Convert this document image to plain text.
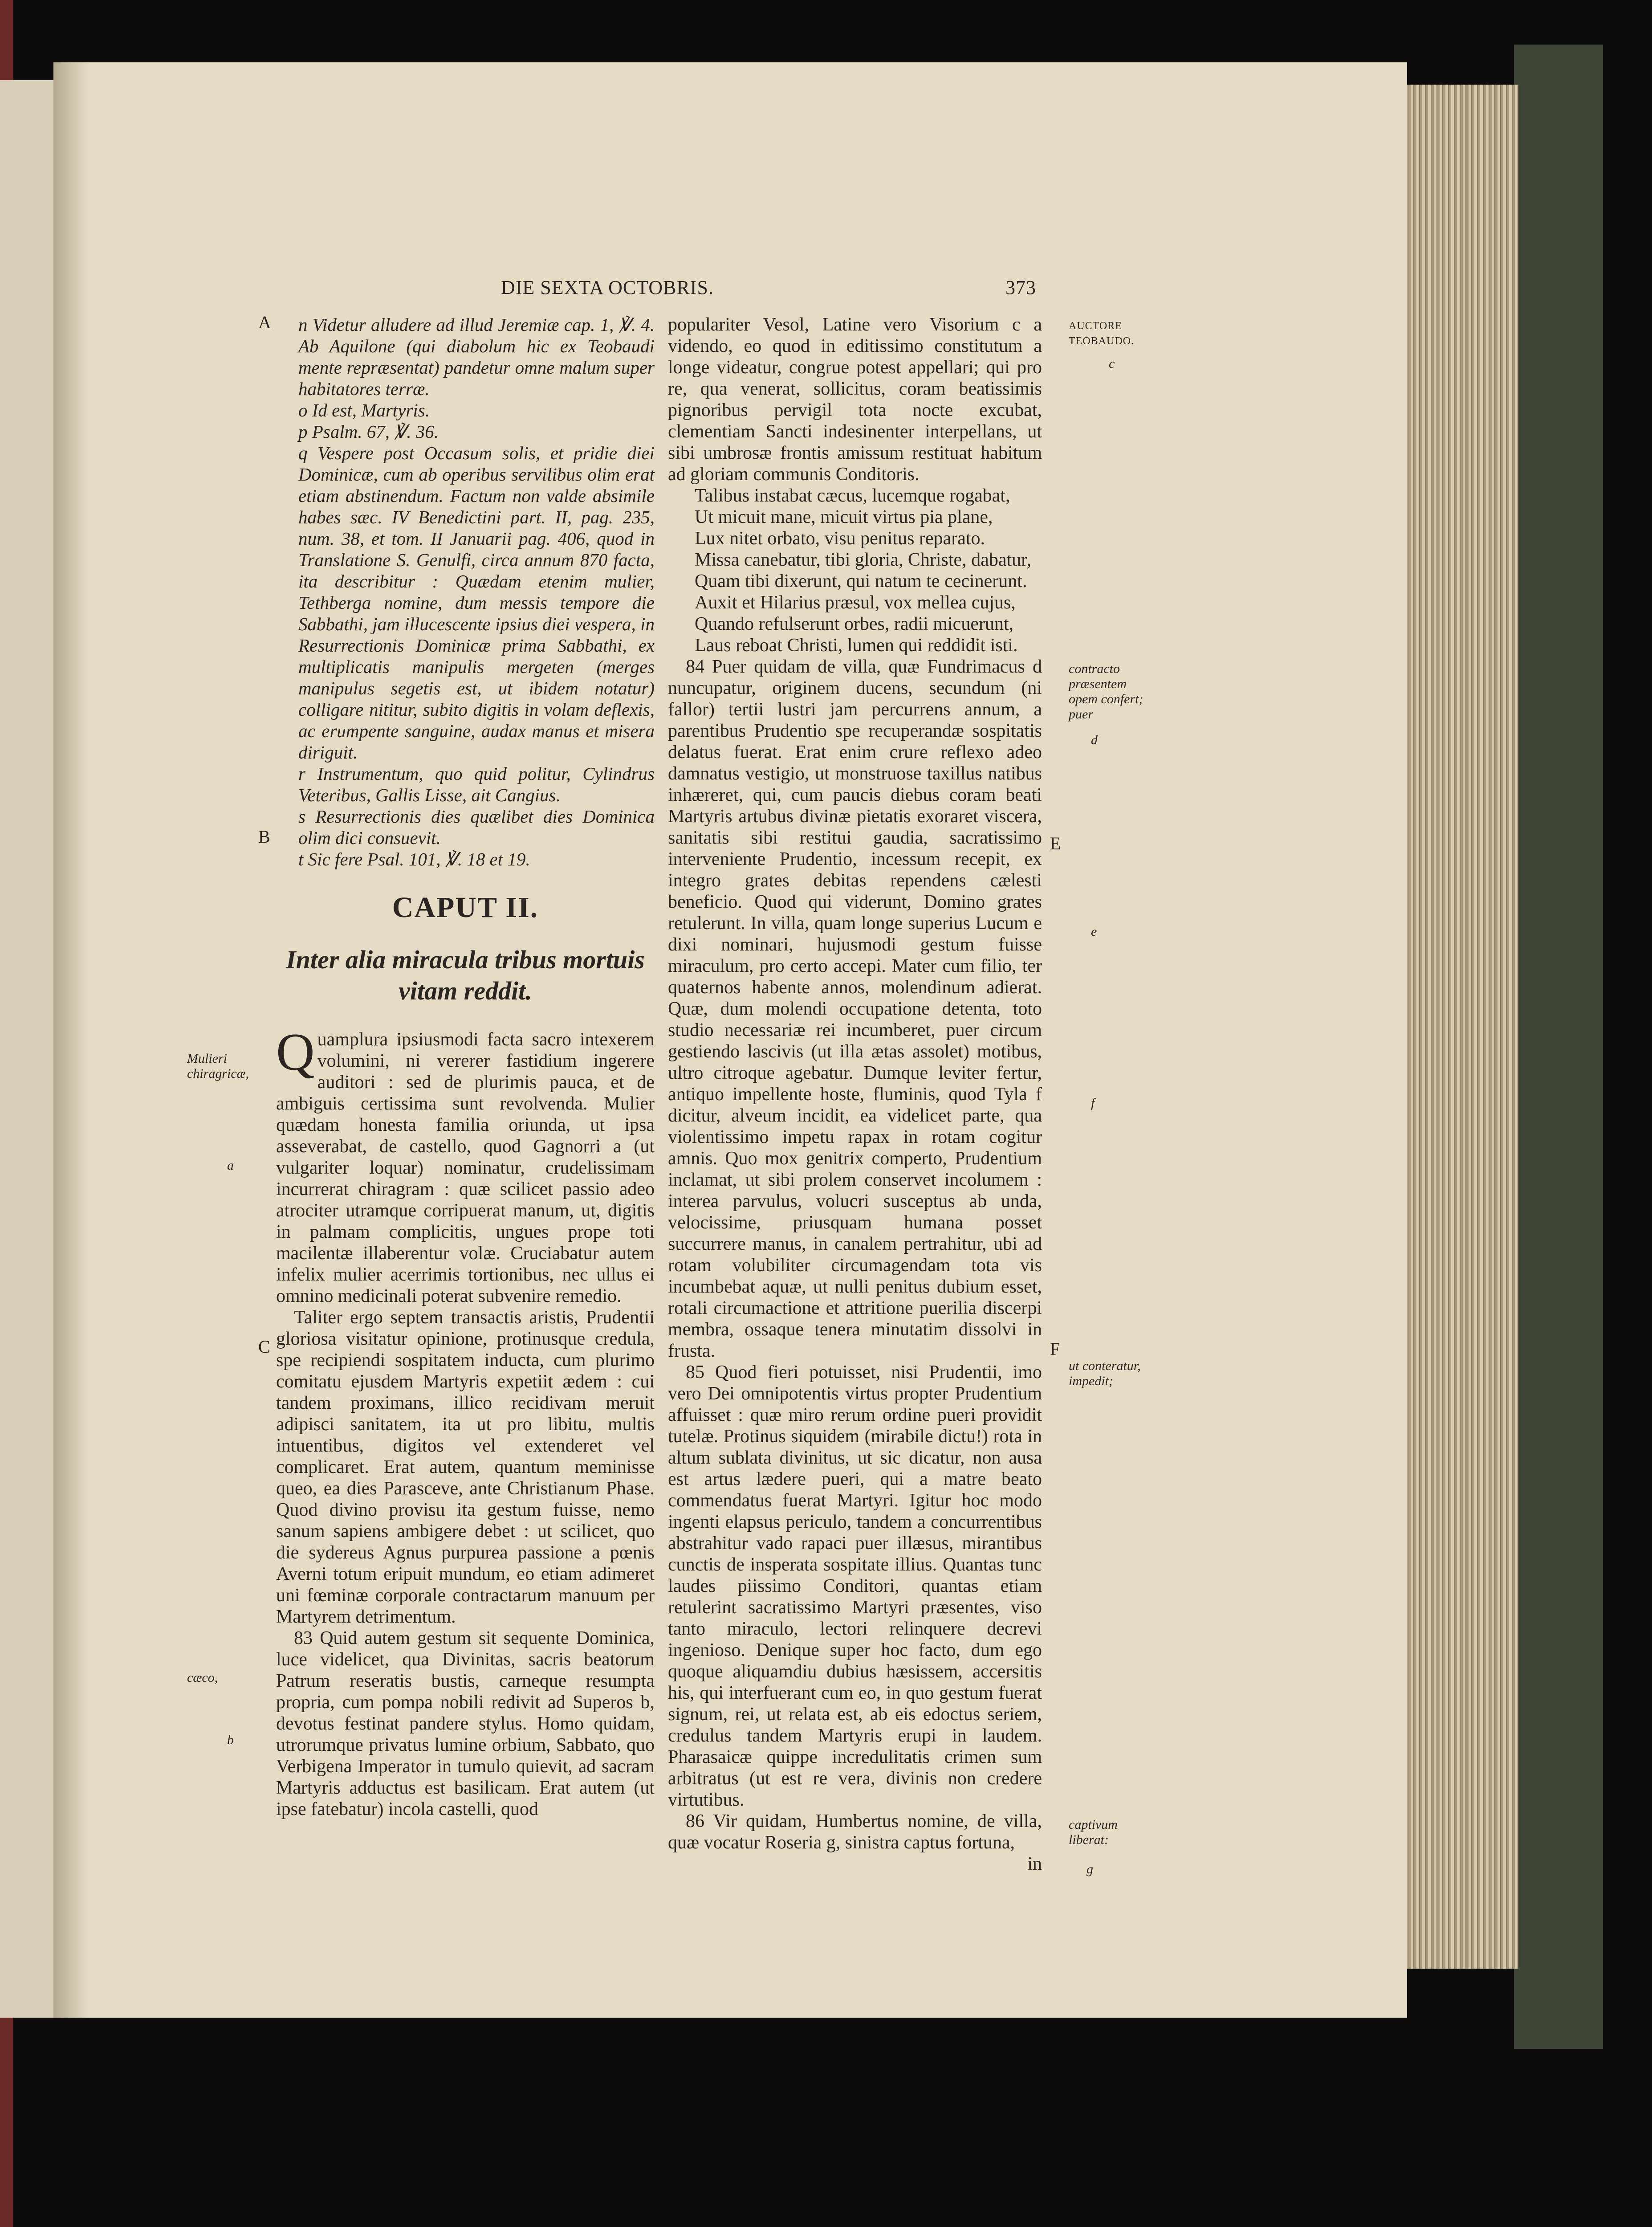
DIE SEXTA OCTOBRIS.	373
A
B
C
E
F

n Videtur alludere ad illud Jeremiæ cap. 1, ℣. 4. Ab Aquilone (qui diabolum hic ex Teobaudi mente repræsentat) pandetur omne malum super habitatores terræ.

o Id est, Martyris.

p Psalm. 67, ℣. 36.

q Vespere post Occasum solis, et pridie diei Dominicæ, cum ab operibus servilibus olim erat etiam abstinendum. Factum non valde absimile habes sæc. IV Benedictini part. II, pag. 235, num. 38, et tom. II Januarii pag. 406, quod in Translatione S. Genulfi, circa annum 870 facta, ita describitur : Quædam etenim mulier, Tethberga nomine, dum messis tempore die Sabbathi, jam illucescente ipsius diei vespera, in Resurrectionis Dominicæ prima Sabbathi, ex multiplicatis manipulis mergeten (merges manipulus segetis est, ut ibidem notatur) colligare nititur, subito digitis in volam deflexis, ac erumpente sanguine, audax manus et misera diriguit.

r Instrumentum, quo quid politur, Cylindrus Veteribus, Gallis Lisse, ait Cangius.

s Resurrectionis dies quælibet dies Dominica olim dici consuevit.

t Sic fere Psal. 101, ℣. 18 et 19.

CAPUT II.
Inter alia miracula tribus mortuis vitam reddit.

Quamplura ipsiusmodi facta sacro intexerem volumini, ni vererer fastidium ingerere auditori : sed de plurimis pauca, et de ambiguis certissima sunt revolvenda. Mulier quædam honesta familia oriunda, ut ipsa asseverabat, de castello, quod Gagnorri a (ut vulgariter loquar) nominatur, crudelissimam incurrerat chiragram : quæ scilicet passio adeo atrociter utramque corripuerat manum, ut, digitis in palmam complicitis, ungues prope toti macilentæ illaberentur volæ. Cruciabatur autem infelix mulier acerrimis tortionibus, nec ullus ei omnino medicinali poterat subvenire remedio.

Taliter ergo septem transactis aristis, Prudentii gloriosa visitatur opinione, protinusque credula, spe recipiendi sospitatem inducta, cum plurimo comitatu ejusdem Martyris expetiit ædem : cui tandem proximans, illico recidivam meruit adipisci sanitatem, ita ut pro libitu, multis intuentibus, digitos vel extenderet vel complicaret. Erat autem, quantum meminisse queo, ea dies Parasceve, ante Christianum Phase. Quod divino provisu ita gestum fuisse, nemo sanum sapiens ambigere debet : ut scilicet, quo die sydereus Agnus purpurea passione a pœnis Averni totum eripuit mundum, eo etiam adimeret uni fœminæ corporale contractarum manuum per Martyrem detrimentum.

83 Quid autem gestum sit sequente Dominica, luce videlicet, qua Divinitas, sacris beatorum Patrum reseratis bustis, carneque resumpta propria, cum pompa nobili redivit ad Superos b, devotus festinat pandere stylus. Homo quidam, utrorumque privatus lumine orbium, Sabbato, quo Verbigena Imperator in tumulo quievit, ad sacram Martyris adductus est basilicam. Erat autem (ut ipse fatebatur) incola castelli, quod

populariter Vesol, Latine vero Visorium c a videndo, eo quod in editissimo constitutum a longe videatur, congrue potest appellari; qui pro re, qua venerat, sollicitus, coram beatissimis pignoribus pervigil tota nocte excubat, clementiam Sancti indesinenter interpellans, ut sibi umbrosæ frontis amissum restituat habitum ad gloriam communis Conditoris.

Talibus instabat cæcus, lucemque rogabat,

Ut micuit mane, micuit virtus pia plane,

Lux nitet orbato, visu penitus reparato.

Missa canebatur, tibi gloria, Christe, dabatur,

Quam tibi dixerunt, qui natum te cecinerunt.

Auxit et Hilarius præsul, vox mellea cujus,

Quando refulserunt orbes, radii micuerunt,

Laus reboat Christi, lumen qui reddidit isti.

84 Puer quidam de villa, quæ Fundrimacus d nuncupatur, originem ducens, secundum (ni fallor) tertii lustri jam percurrens annum, a parentibus Prudentio spe recuperandæ sospitatis delatus fuerat. Erat enim crure reflexo adeo damnatus vestigio, ut monstruose taxillus natibus inhæreret, qui, cum paucis diebus coram beati Martyris artubus divinæ pietatis exoraret viscera, sanitatis sibi restitui gaudia, sacratissimo interveniente Prudentio, incessum recepit, ex integro grates debitas rependens cælesti beneficio. Quod qui viderunt, Domino grates retulerunt. In villa, quam longe superius Lucum e dixi nominari, hujusmodi gestum fuisse miraculum, pro certo accepi. Mater cum filio, ter quaternos habente annos, molendinum adierat. Quæ, dum molendi occupatione detenta, toto studio necessariæ rei incumberet, puer circum gestiendo lascivis (ut illa ætas assolet) motibus, ultro citroque agebatur. Dumque leviter fertur, antiquo impellente hoste, fluminis, quod Tyla f dicitur, alveum incidit, ea videlicet parte, qua violentissimo impetu rapax in rotam cogitur amnis. Quo mox genitrix comperto, Prudentium inclamat, ut sibi prolem conservet incolumem : interea parvulus, volucri susceptus ab unda, velocissime, priusquam humana posset succurrere manus, in canalem pertrahitur, ubi ad rotam volubiliter circumagendam tota vis incumbebat aquæ, ut nulli penitus dubium esset, rotali circumactione et attritione puerilia discerpi membra, ossaque tenera minutatim dissolvi in frusta.

85 Quod fieri potuisset, nisi Prudentii, imo vero Dei omnipotentis virtus propter Prudentium affuisset : quæ miro rerum ordine pueri providit tutelæ. Protinus siquidem (mirabile dictu!) rota in altum sublata divinitus, ut sic dicatur, non ausa est artus lædere pueri, qui a matre beato commendatus fuerat Martyri. Igitur hoc modo ingenti elapsus periculo, tandem a concurrentibus abstrahitur vado rapaci puer illæsus, mirantibus cunctis de insperata sospitate illius. Quantas tunc laudes piissimo Conditori, quantas etiam retulerint sacratissimo Martyri præsentes, viso tanto miraculo, lectori relinquere decrevi ingenioso. Denique super hoc facto, dum ego quoque aliquamdiu dubius hæsissem, accersitis his, qui interfuerant cum eo, in quo gestum fuerat signum, rei, ut relata est, ab eis edoctus seriem, credulus tandem Martyris erupi in laudem. Pharasaicæ quippe incredulitatis crimen sum arbitratus (ut est re vera, divinis non credere virtutibus.

86 Vir quidam, Humbertus nomine, de villa, quæ vocatur Roseria g, sinistra captus fortuna,

in

Mulieri chiragricæ,
a
cæco,
b
AUCTORE TEOBAUDO.
c
contracto præsentem opem confert; puer
d
e
f
ut conteratur, impedit;
captivum liberat:
g
